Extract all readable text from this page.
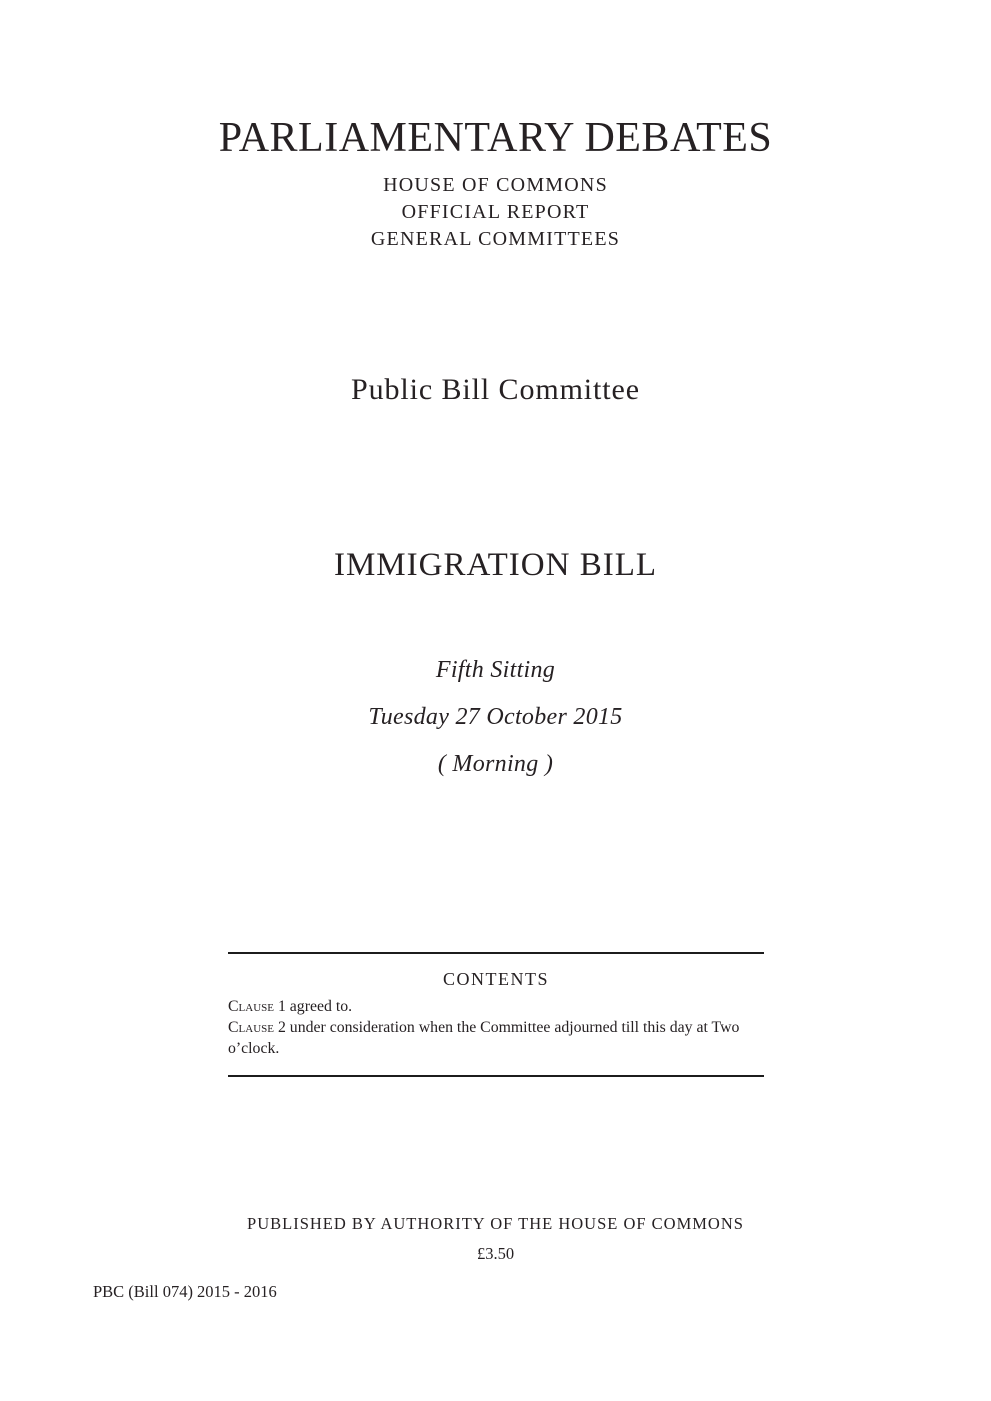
PARLIAMENTARY DEBATES
HOUSE OF COMMONS
OFFICIAL REPORT
GENERAL COMMITTEES
Public Bill Committee
IMMIGRATION BILL
Fifth Sitting
Tuesday 27 October 2015
( Morning )
CONTENTS

Clause 1 agreed to.

Clause 2 under consideration when the Committee adjourned till this day at Two o’clock.

PUBLISHED BY AUTHORITY OF THE HOUSE OF COMMONS
£3.50
PBC (Bill 074) 2015 - 2016
